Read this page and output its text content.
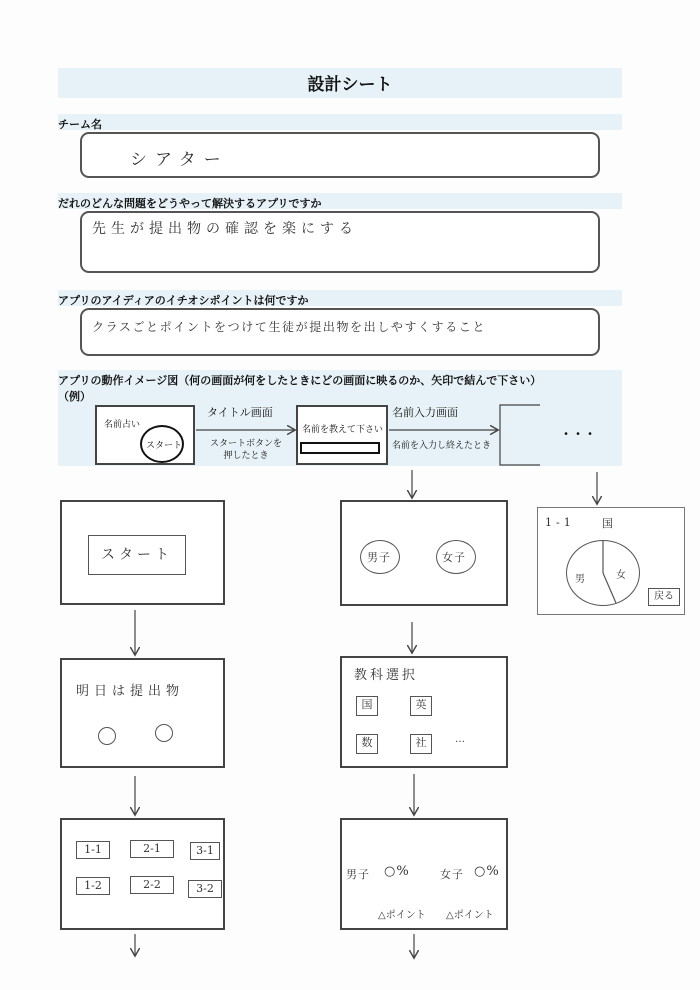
設計シート
チーム名
シアター
だれのどんな問題をどうやって解決するアプリですか
先生が提出物の確認を楽にする
アプリのアイディアのイチオシポイントは何ですか
クラスごとポイントをつけて生徒が提出物を出しやすくすること
アプリの動作イメージ図（何の画面が何をしたときにどの画面に映るのか、矢印で結んで下さい）
（例）
名前占い
スタート
タイトル画面
スタートボタンを押したとき
名前を教えて下さい
名前入力画面
名前を入力し終えたとき
・・・
スタート	男子	女子
1-1 国
男	女
戻る
明日は提出物
教科選択
国	英
数	社	…
1-1	2-1	3-1
1-2	2-2	3-2
男子 ○%	女子 ○%
△ポイント △ポイント
